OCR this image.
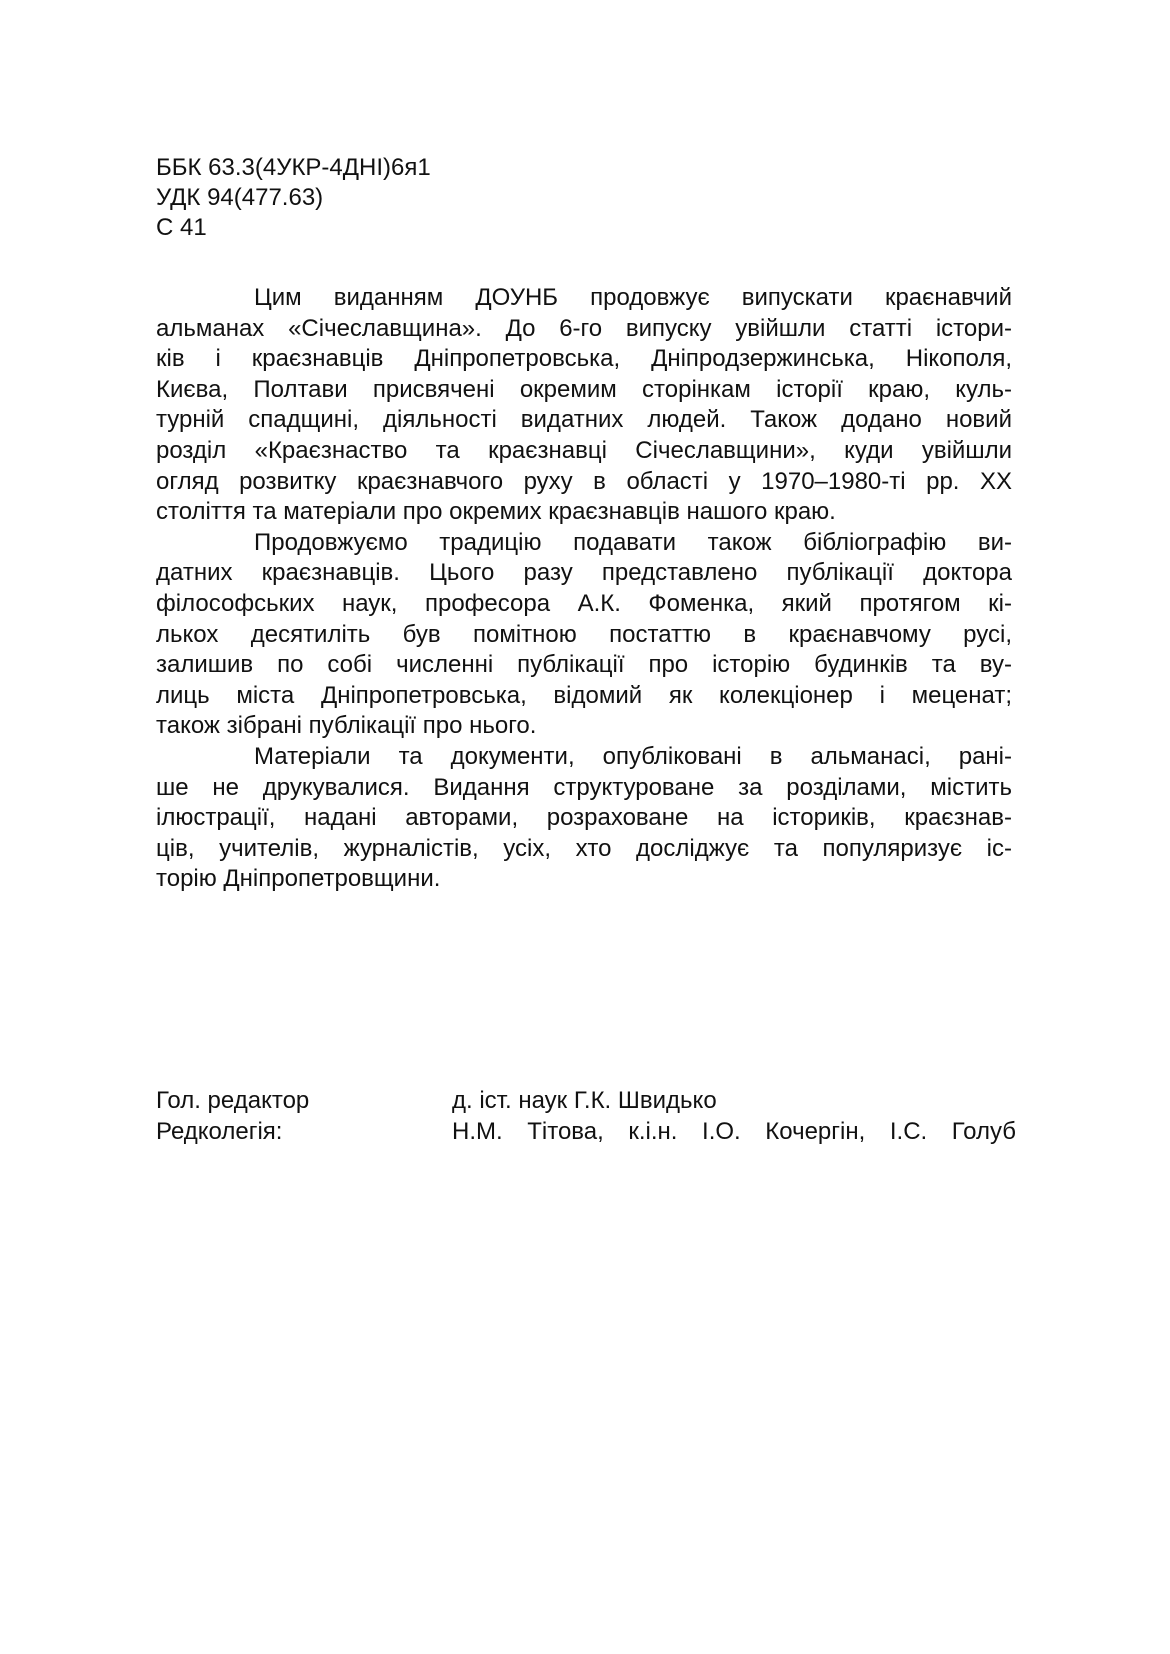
ББК 63.3(4УКР-4ДНІ)6я1
УДК 94(477.63)
С 41
Цим виданням ДОУНБ продовжує випускати краєнавчий
альманах «Січеславщина». До 6-го випуску увійшли статті істори-
ків і краєзнавців Дніпропетровська, Дніпродзержинська, Нікополя,
Києва, Полтави присвячені окремим сторінкам історії краю, куль-
турній спадщині, діяльності видатних людей. Також додано новий
розділ «Краєзнаство та краєзнавці Січеславщини», куди увійшли
огляд розвитку краєзнавчого руху в області у 1970–1980-ті рр. ХХ
століття та матеріали про окремих краєзнавців нашого краю.
Продовжуємо традицію подавати також бібліографію ви-
датних краєзнавців. Цього разу представлено публікації доктора
філософських наук, професора А.К. Фоменка, який протягом кі-
лькох десятиліть був помітною постаттю в краєнавчому русі,
залишив по собі численні публікації про історію будинків та ву-
лиць міста Дніпропетровська, відомий як колекціонер і меценат;
також зібрані публікації про нього.
Матеріали та документи, опубліковані в альманасі, рані-
ше не друкувалися. Видання структуроване за розділами, містить
ілюстрації, надані авторами, розраховане на істориків, краєзнав-
ців, учителів, журналістів, усіх, хто досліджує та популяризує іс-
торію Дніпропетровщини.
Гол. редактор	д. іст. наук Г.К. Швидько
Редколегія:	Н.М. Тітова, к.і.н. І.О. Кочергін, І.С. Голуб
